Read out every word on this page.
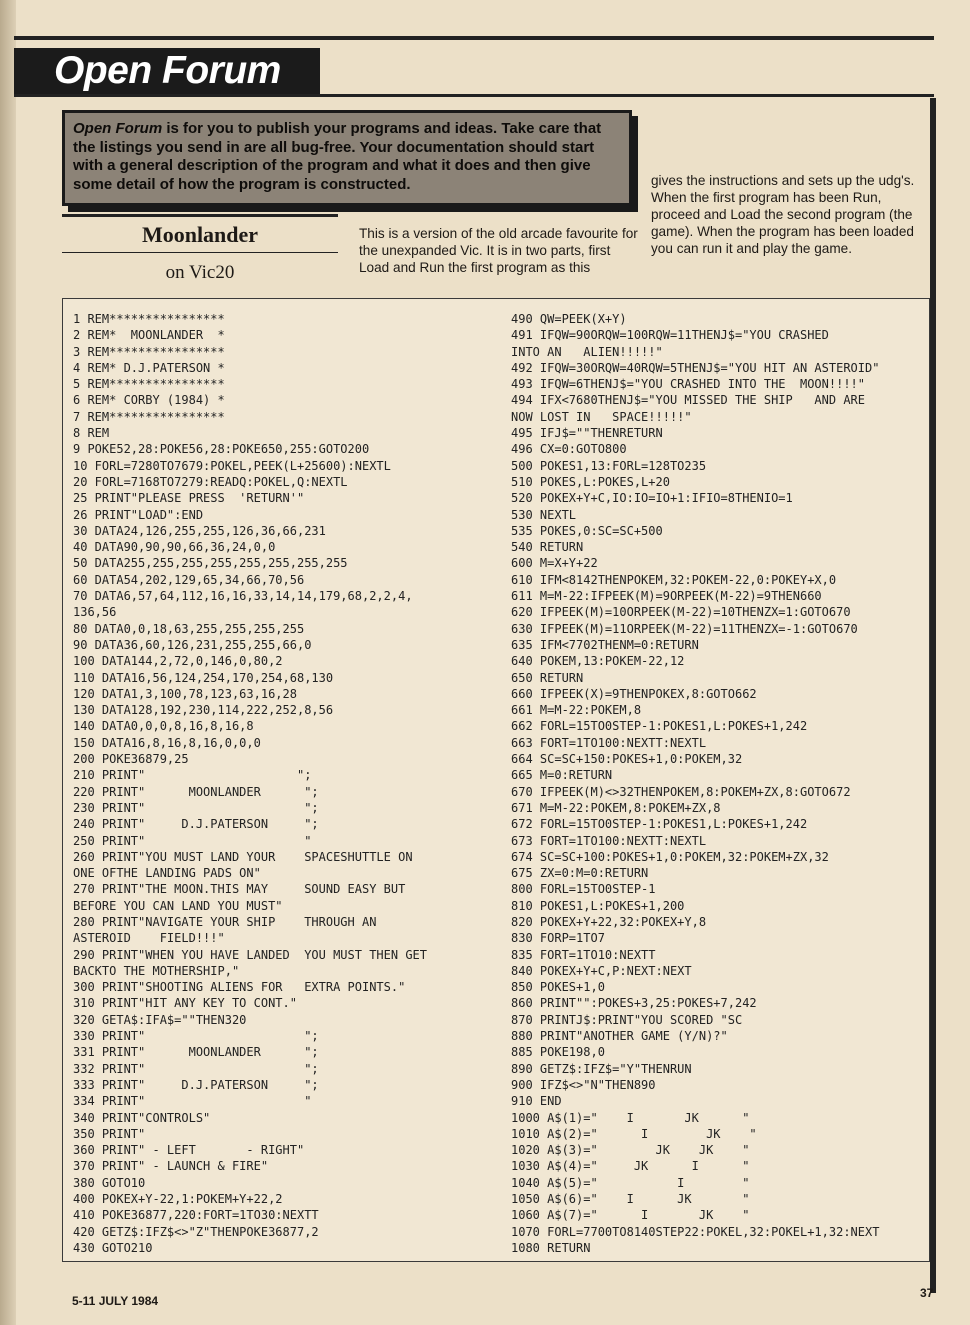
Open Forum
Open Forum is for you to publish your programs and ideas. Take care that the listings you send in are all bug-free. Your documentation should start with a general description of the program and what it does and then give some detail of how the program is constructed.
Moonlander
on Vic20
This is a version of the old arcade favourite for the unexpanded Vic. It is in two parts, first Load and Run the first program as this
gives the instructions and sets up the udg's. When the first program has been Run, proceed and Load the second program (the game). When the program has been loaded you can run it and play the game.
1 REM****************
2 REM*  MOONLANDER  *
3 REM****************
4 REM* D.J.PATERSON *
5 REM****************
6 REM* CORBY (1984) *
7 REM****************
8 REM
9 POKE52,28:POKE56,28:POKE650,255:GOTO200
10 FORL=7280TO7679:POKEL,PEEK(L+25600):NEXTL
20 FORL=7168TO7279:READQ:POKEL,Q:NEXTL
25 PRINT"PLEASE PRESS  'RETURN'"
26 PRINT"LOAD":END
30 DATA24,126,255,255,126,36,66,231
40 DATA90,90,90,66,36,24,0,0
50 DATA255,255,255,255,255,255,255,255
60 DATA54,202,129,65,34,66,70,56
70 DATA6,57,64,112,16,16,33,14,14,179,68,2,2,4,
136,56
80 DATA0,0,18,63,255,255,255,255
90 DATA36,60,126,231,255,255,66,0
100 DATA144,2,72,0,146,0,80,2
110 DATA16,56,124,254,170,254,68,130
120 DATA1,3,100,78,123,63,16,28
130 DATA128,192,230,114,222,252,8,56
140 DATA0,0,0,8,16,8,16,8
150 DATA16,8,16,8,16,0,0,0
200 POKE36879,25
210 PRINT"                     ";
220 PRINT"      MOONLANDER      ";
230 PRINT"                      ";
240 PRINT"     D.J.PATERSON     ";
250 PRINT"                      "
260 PRINT"YOU MUST LAND YOUR    SPACESHUTTLE ON
ONE OFTHE LANDING PADS ON"
270 PRINT"THE MOON.THIS MAY     SOUND EASY BUT
BEFORE YOU CAN LAND YOU MUST"
280 PRINT"NAVIGATE YOUR SHIP    THROUGH AN
ASTEROID    FIELD!!!"
290 PRINT"WHEN YOU HAVE LANDED  YOU MUST THEN GET
BACKTO THE MOTHERSHIP,"
300 PRINT"SHOOTING ALIENS FOR   EXTRA POINTS."
310 PRINT"HIT ANY KEY TO CONT."
320 GETA$:IFA$=""THEN320
330 PRINT"                      ";
331 PRINT"      MOONLANDER      ";
332 PRINT"                      ";
333 PRINT"     D.J.PATERSON     ";
334 PRINT"                      "
340 PRINT"CONTROLS"
350 PRINT"
360 PRINT" - LEFT       - RIGHT"
370 PRINT" - LAUNCH & FIRE"
380 GOTO10
400 POKEX+Y-22,1:POKEM+Y+22,2
410 POKE36877,220:FORT=1TO30:NEXTT
420 GETZ$:IFZ$<>"Z"THENPOKE36877,2
430 GOTO210
490 QW=PEEK(X+Y)
491 IFQW=90ORQW=100RQW=11THENJ$="YOU CRASHED
INTO AN   ALIEN!!!!!"
492 IFQW=30ORQW=40RQW=5THENJ$="YOU HIT AN ASTEROID"
493 IFQW=6THENJ$="YOU CRASHED INTO THE  MOON!!!!"
494 IFX<7680THENJ$="YOU MISSED THE SHIP   AND ARE
NOW LOST IN   SPACE!!!!!"
495 IFJ$=""THENRETURN
496 CX=0:GOTO800
500 POKES1,13:FORL=128TO235
510 POKES,L:POKES,L+20
520 POKEX+Y+C,IO:IO=IO+1:IFIO=8THENIO=1
530 NEXTL
535 POKES,0:SC=SC+500
540 RETURN
600 M=X+Y+22
610 IFM<8142THENPOKEM,32:POKEM-22,0:POKEY+X,0
611 M=M-22:IFPEEK(M)=9ORPEEK(M-22)=9THEN660
620 IFPEEK(M)=10ORPEEK(M-22)=10THENZX=1:GOTO670
630 IFPEEK(M)=11ORPEEK(M-22)=11THENZX=-1:GOTO670
635 IFM<7702THENM=0:RETURN
640 POKEM,13:POKEM-22,12
650 RETURN
660 IFPEEK(X)=9THENPOKEX,8:GOTO662
661 M=M-22:POKEM,8
662 FORL=15TO0STEP-1:POKES1,L:POKES+1,242
663 FORT=1TO100:NEXTT:NEXTL
664 SC=SC+150:POKES+1,0:POKEM,32
665 M=0:RETURN
670 IFPEEK(M)<>32THENPOKEM,8:POKEM+ZX,8:GOTO672
671 M=M-22:POKEM,8:POKEM+ZX,8
672 FORL=15TO0STEP-1:POKES1,L:POKES+1,242
673 FORT=1TO100:NEXTT:NEXTL
674 SC=SC+100:POKES+1,0:POKEM,32:POKEM+ZX,32
675 ZX=0:M=0:RETURN
800 FORL=15TO0STEP-1
810 POKES1,L:POKES+1,200
820 POKEX+Y+22,32:POKEX+Y,8
830 FORP=1TO7
835 FORT=1TO10:NEXTT
840 POKEX+Y+C,P:NEXT:NEXT
850 POKES+1,0
860 PRINT"":POKES+3,25:POKES+7,242
870 PRINTJ$:PRINT"YOU SCORED "SC
880 PRINT"ANOTHER GAME (Y/N)?"
885 POKE198,0
890 GETZ$:IFZ$="Y"THENRUN
900 IFZ$<>"N"THEN890
910 END
1000 A$(1)="    I       JK      "
1010 A$(2)="      I        JK    "
1020 A$(3)="        JK    JK    "
1030 A$(4)="     JK      I      "
1040 A$(5)="           I        "
1050 A$(6)="    I      JK       "
1060 A$(7)="      I       JK    "
1070 FORL=7700TO8140STEP22:POKEL,32:POKEL+1,32:NEXT
1080 RETURN
5-11 JULY 1984
37
